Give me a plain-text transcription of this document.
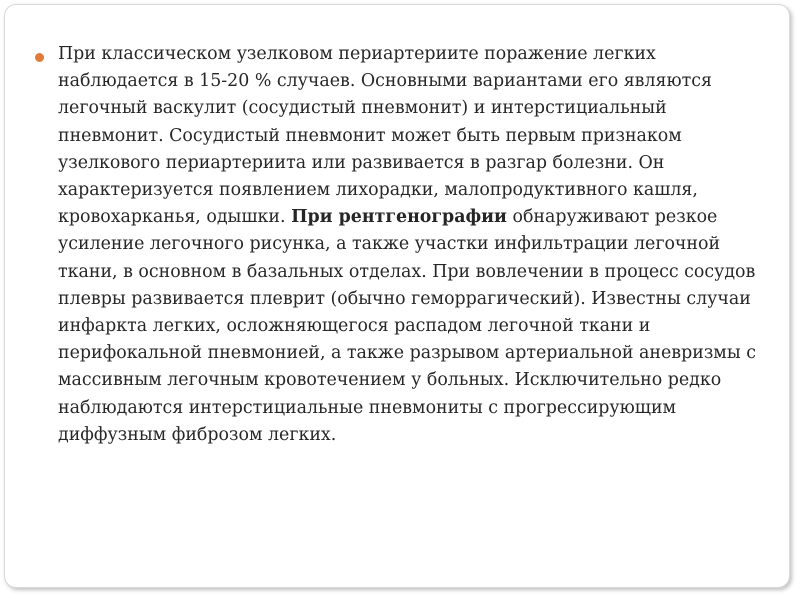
При классическом узелковом периартериите поражение легких наблюдается в 15-20 % случаев. Основными вариантами его являются легочный васкулит (сосудистый пневмонит) и интерстициальный пневмонит. Сосудистый пневмонит может быть первым признаком узелкового периартериита или развивается в разгар болезни. Он характеризуется появлением лихорадки, малопродуктивного кашля, кровохарканья, одышки. При рентгенографии обнаруживают резкое усиление легочного рисунка, а также участки инфильтрации легочной ткани, в основном в базальных отделах. При вовлечении в процесс сосудов плевры развивается плеврит (обычно геморрагический). Известны случаи инфаркта легких, осложняющегося распадом легочной ткани и перифокальной пневмонией, а также разрывом артериальной аневризмы с массивным легочным кровотечением у больных. Исключительно редко наблюдаются интерстициальные пневмониты с прогрессирующим диффузным фиброзом легких.
